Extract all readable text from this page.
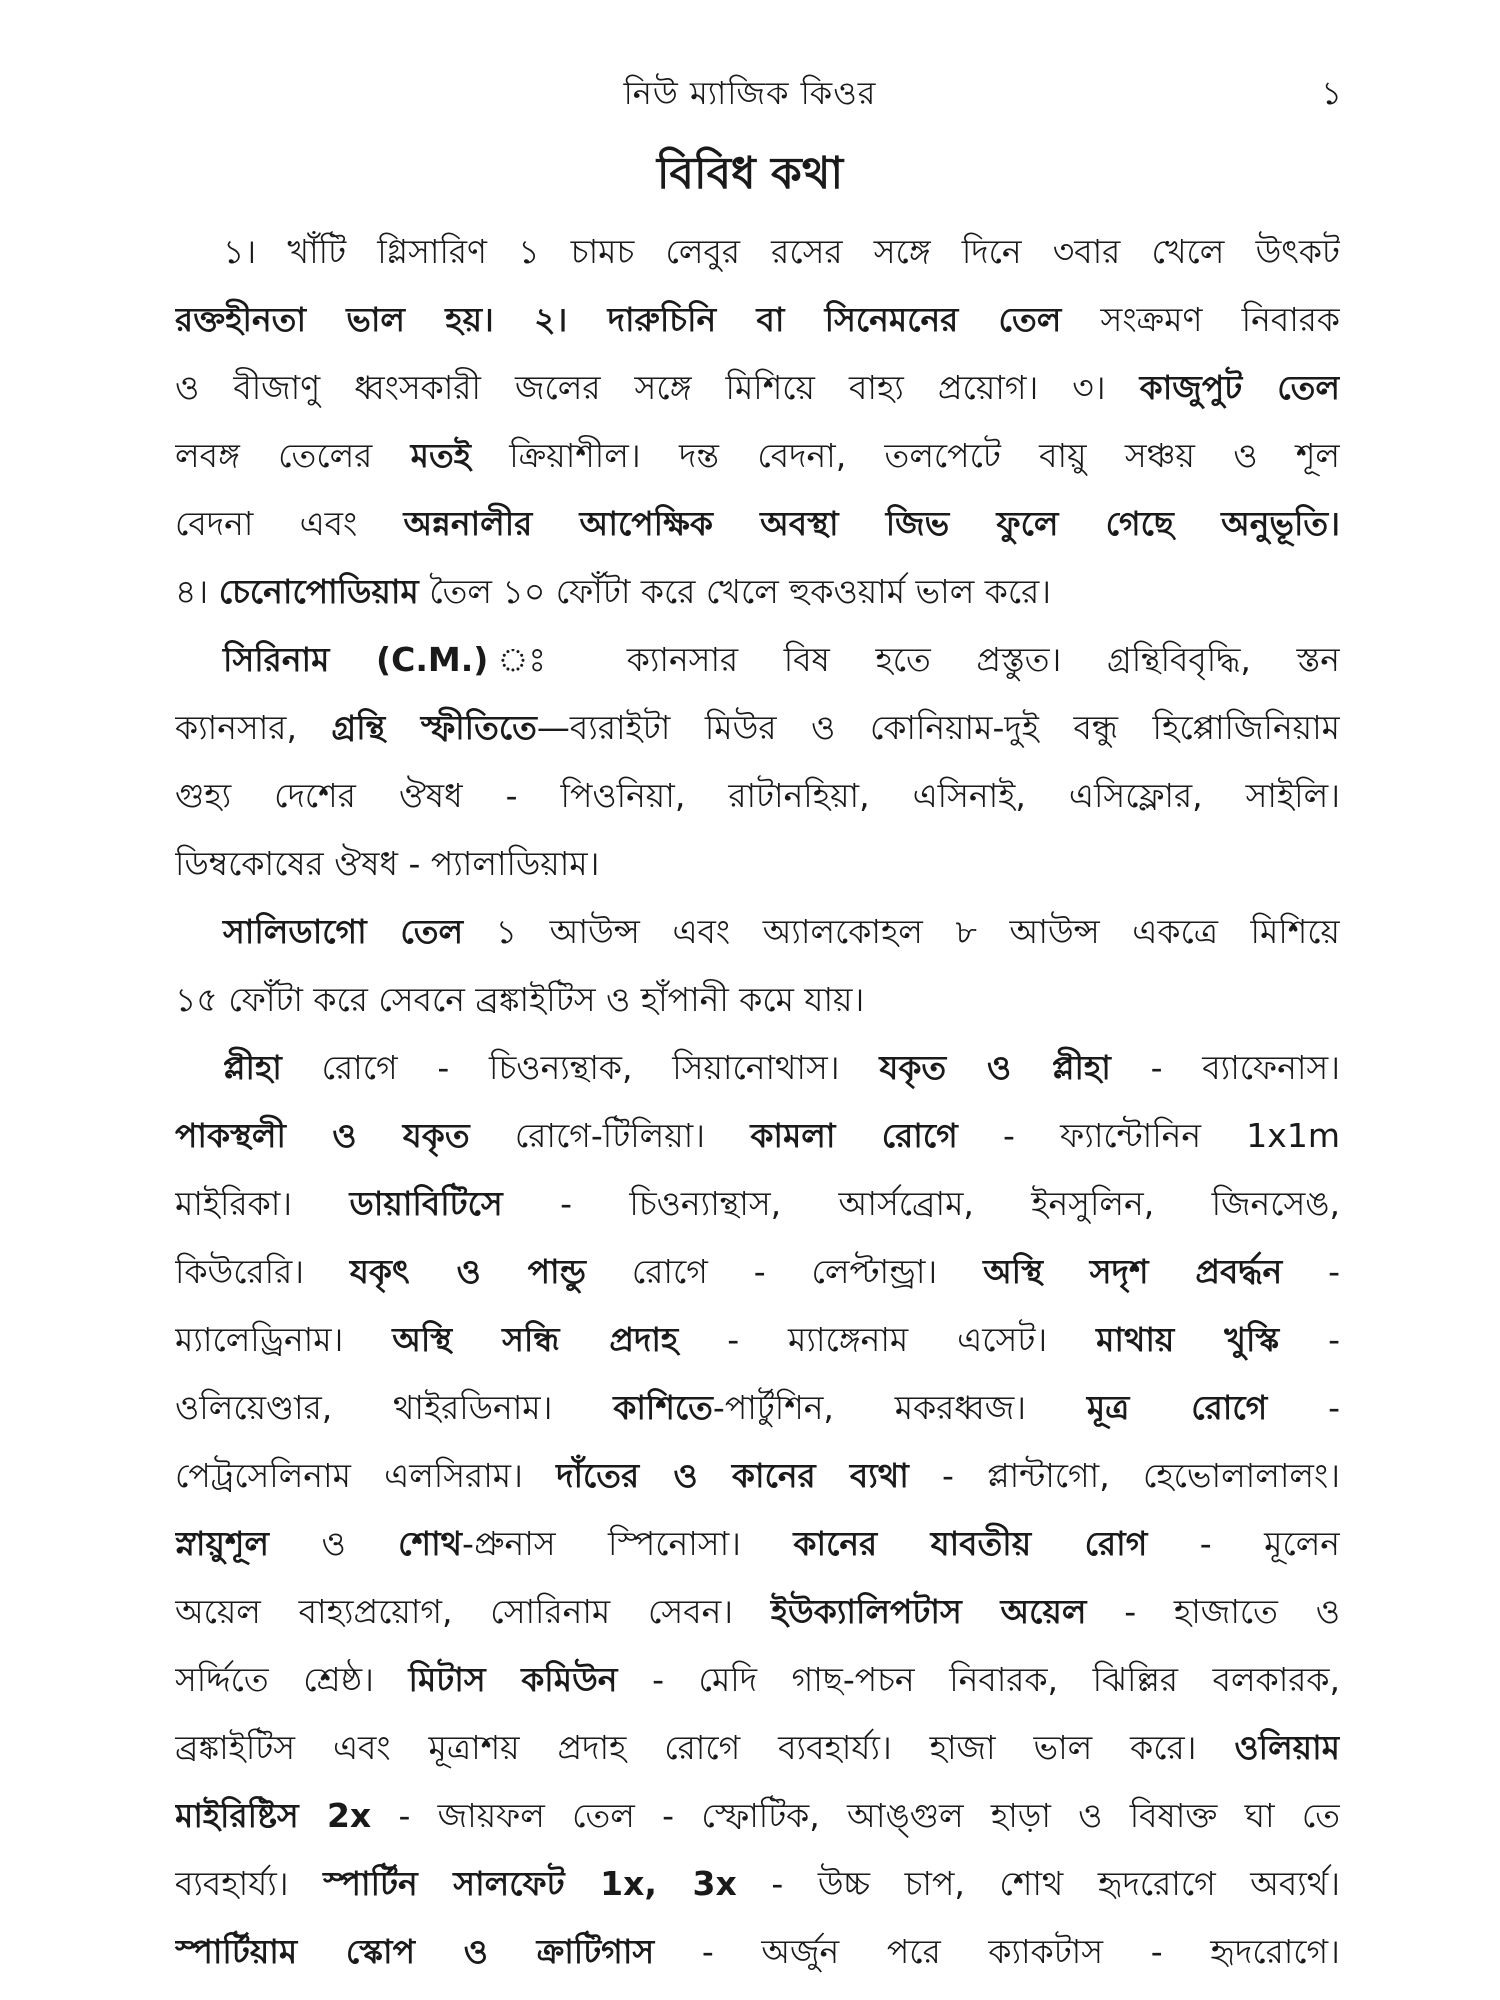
নিউ ম্যাজিক কিওর	১
বিবিধ কথা
১। খাঁটি গ্লিসারিণ ১ চামচ লেবুর রসের সঙ্গে দিনে ৩বার খেলে উৎকট
রক্তহীনতা ভাল হয়। ২। দারুচিনি বা সিনেমনের তেল সংক্রমণ নিবারক
ও বীজাণু ধ্বংসকারী জলের সঙ্গে মিশিয়ে বাহ্য প্রয়োগ। ৩। কাজুপুট তেল
লবঙ্গ তেলের মতই ক্রিয়াশীল। দন্ত বেদনা, তলপেটে বায়ু সঞ্চয় ও শূল
বেদনা এবং অন্ননালীর আপেক্ষিক অবস্থা জিভ ফুলে গেছে অনুভূতি।
৪। চেনোপোডিয়াম তৈল ১০ ফোঁটা করে খেলে হুকওয়ার্ম ভাল করে।
সিরিনাম (C.M.) ঃ ক্যানসার বিষ হতে প্রস্তুত। গ্রন্থিবিবৃদ্ধি, স্তন
ক্যানসার, গ্রন্থি স্ফীতিতে—ব্যরাইটা মিউর ও কোনিয়াম-দুই বন্ধু হিপ্পোজিনিয়াম
গুহ্য দেশের ঔষধ - পিওনিয়া, রাটানহিয়া, এসিনাই, এসিফ্লোর, সাইলি।
ডিম্বকোষের ঔষধ - প্যালাডিয়াম।
সালিডাগো তেল ১ আউন্স এবং অ্যালকোহল ৮ আউন্স একত্রে মিশিয়ে
১৫ ফোঁটা করে সেবনে ব্রঙ্কাইটিস ও হাঁপানী কমে যায়।
প্লীহা রোগে - চিওন্যন্থাক, সিয়ানোথাস। যকৃত ও প্লীহা - ব্যাফেনাস।
পাকস্থলী ও যকৃত রোগে-টিলিয়া। কামলা রোগে - ফ্যান্টোনিন 1x1m
মাইরিকা। ডায়াবিটিসে - চিওন্যান্থাস, আর্সব্রোম, ইনসুলিন, জিনসেঙ,
কিউরেরি। যকৃৎ ও পান্ডু রোগে - লেপ্টান্ড্রা। অস্থি সদৃশ প্রবর্দ্ধন -
ম্যালেড্রিনাম। অস্থি সন্ধি প্রদাহ - ম্যাঙ্গেনাম এসেট। মাথায় খুস্কি -
ওলিয়েণ্ডার, থাইরডিনাম। কাশিতে-পার্টুশিন, মকরধ্বজ। মূত্র রোগে -
পেট্রসেলিনাম এলসিরাম। দাঁতের ও কানের ব্যথা - প্লান্টাগো, হেভোলালালং।
স্নায়ুশূল ও শোথ-প্রুনাস স্পিনোসা। কানের যাবতীয় রোগ - মূলেন
অয়েল বাহ্যপ্রয়োগ, সোরিনাম সেবন। ইউক্যালিপটাস অয়েল - হাজাতে ও
সর্দ্দিতে শ্রেষ্ঠ। মিটাস কমিউন - মেদি গাছ-পচন নিবারক, ঝিল্লির বলকারক,
ব্রঙ্কাইটিস এবং মূত্রাশয় প্রদাহ রোগে ব্যবহার্য্য। হাজা ভাল করে। ওলিয়াম
মাইরিষ্টিস 2x - জায়ফল তেল - স্ফোটিক, আঙ্গুল হাড়া ও বিষাক্ত ঘা তে
ব্যবহার্য্য। স্পার্টিন সালফেট 1x, 3x - উচ্চ চাপ, শোথ হৃদরোগে অব্যর্থ।
স্পার্টিয়াম স্কোপ ও ক্রাটিগাস - অর্জুন পরে ক্যাকটাস - হৃদরোগে।
